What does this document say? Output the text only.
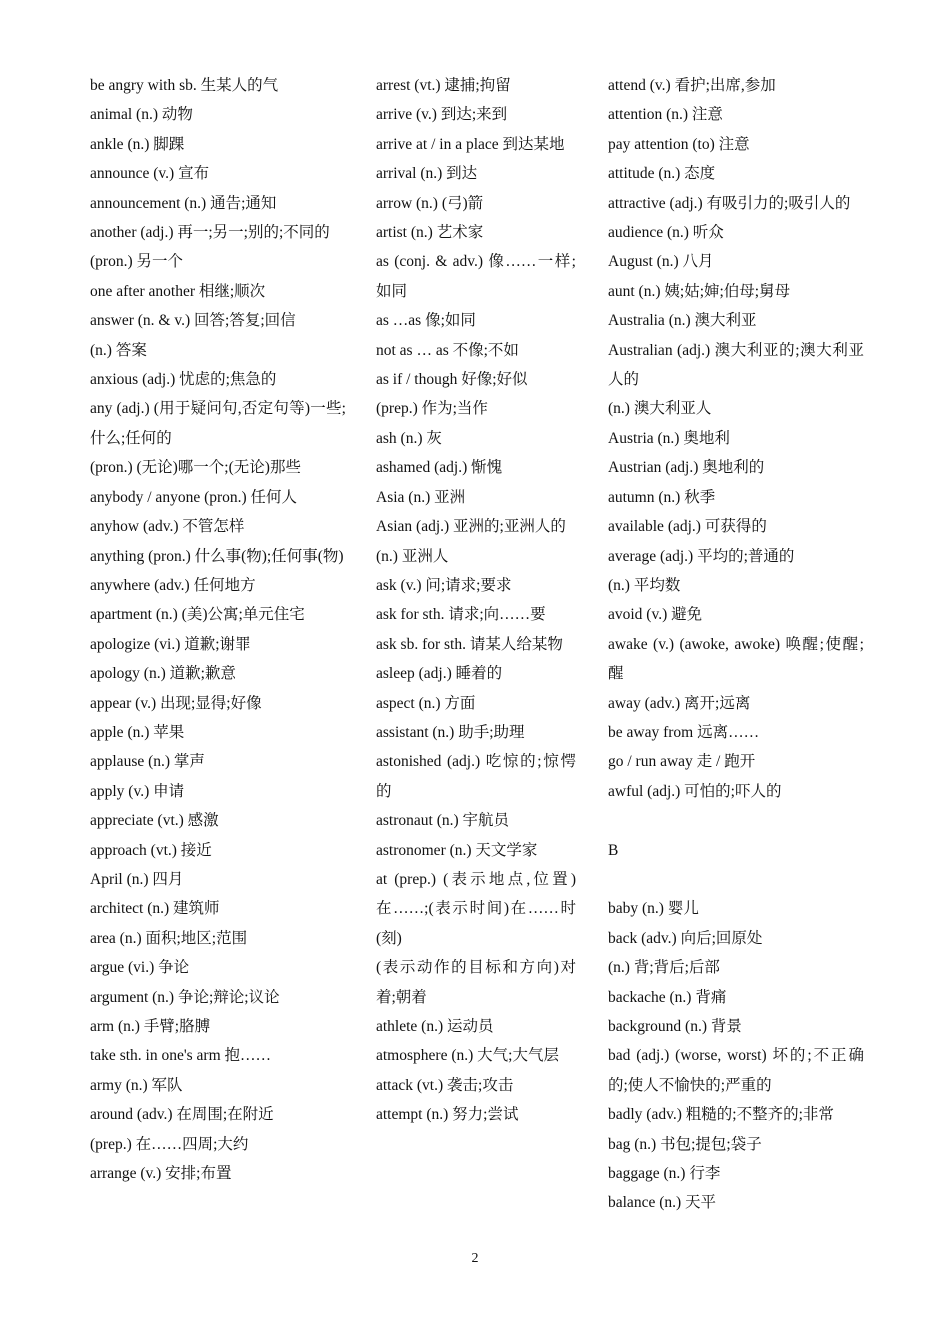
be angry with sb. 生某人的气

animal (n.) 动物

ankle (n.) 脚踝

announce (v.) 宣布

announcement (n.) 通告;通知

another (adj.) 再一;另一;别的;不同的

(pron.) 另一个

one after another 相继;顺次

answer (n. & v.) 回答;答复;回信

(n.) 答案

anxious (adj.) 忧虑的;焦急的

any (adj.) (用于疑问句,否定句等)一些;什么;任何的

(pron.) (无论)哪一个;(无论)那些

anybody / anyone (pron.) 任何人

anyhow (adv.) 不管怎样

anything (pron.) 什么事(物);任何事(物)

anywhere (adv.) 任何地方

apartment (n.) (美)公寓;单元住宅

apologize (vi.) 道歉;谢罪

apology (n.) 道歉;歉意

appear (v.) 出现;显得;好像

apple (n.) 苹果

applause (n.) 掌声

apply (v.) 申请

appreciate (vt.) 感激

approach (vt.) 接近

April (n.) 四月

architect (n.) 建筑师

area (n.) 面积;地区;范围

argue (vi.) 争论

argument (n.) 争论;辩论;议论

arm (n.) 手臂;胳膊

take sth. in one's arm 抱……

army (n.) 军队

around (adv.) 在周围;在附近

(prep.) 在……四周;大约

arrange (v.) 安排;布置

arrest (vt.) 逮捕;拘留

arrive (v.) 到达;来到

arrive at / in a place 到达某地

arrival (n.) 到达

arrow (n.) (弓)箭

artist (n.) 艺术家

as (conj. & adv.) 像……一样;如同

as …as 像;如同

not as … as 不像;不如

as if / though 好像;好似

(prep.) 作为;当作

ash (n.) 灰

ashamed (adj.) 惭愧

Asia (n.) 亚洲

Asian (adj.) 亚洲的;亚洲人的

(n.) 亚洲人

ask (v.) 问;请求;要求

ask for sth. 请求;向……要

ask sb. for sth. 请某人给某物

asleep (adj.) 睡着的

aspect (n.) 方面

assistant (n.) 助手;助理

astonished (adj.) 吃惊的;惊愕的

astronaut (n.) 宇航员

astronomer (n.) 天文学家

at (prep.) (表示地点,位置)在……;(表示时间)在……时(刻)

(表示动作的目标和方向)对着;朝着

athlete (n.) 运动员

atmosphere (n.) 大气;大气层

attack (vt.) 袭击;攻击

attempt (n.) 努力;尝试

attend (v.) 看护;出席,参加

attention (n.) 注意

pay attention (to) 注意

attitude (n.) 态度

attractive (adj.) 有吸引力的;吸引人的

audience (n.) 听众

August (n.) 八月

aunt (n.) 姨;姑;婶;伯母;舅母

Australia (n.) 澳大利亚

Australian (adj.) 澳大利亚的;澳大利亚人的

(n.) 澳大利亚人

Austria (n.) 奥地利

Austrian (adj.) 奥地利的

autumn (n.) 秋季

available (adj.) 可获得的

average (adj.) 平均的;普通的

(n.) 平均数

avoid (v.) 避免

awake (v.) (awoke, awoke) 唤醒;使醒;醒

away (adv.) 离开;远离

be away from 远离……

go / run away 走 / 跑开

awful (adj.) 可怕的;吓人的

B

baby (n.) 婴儿

back (adv.) 向后;回原处

(n.) 背;背后;后部

backache (n.) 背痛

background (n.) 背景

bad (adj.) (worse, worst) 坏的;不正确的;使人不愉快的;严重的

badly (adv.) 粗糙的;不整齐的;非常

bag (n.) 书包;提包;袋子

baggage (n.) 行李

balance (n.) 天平

2
